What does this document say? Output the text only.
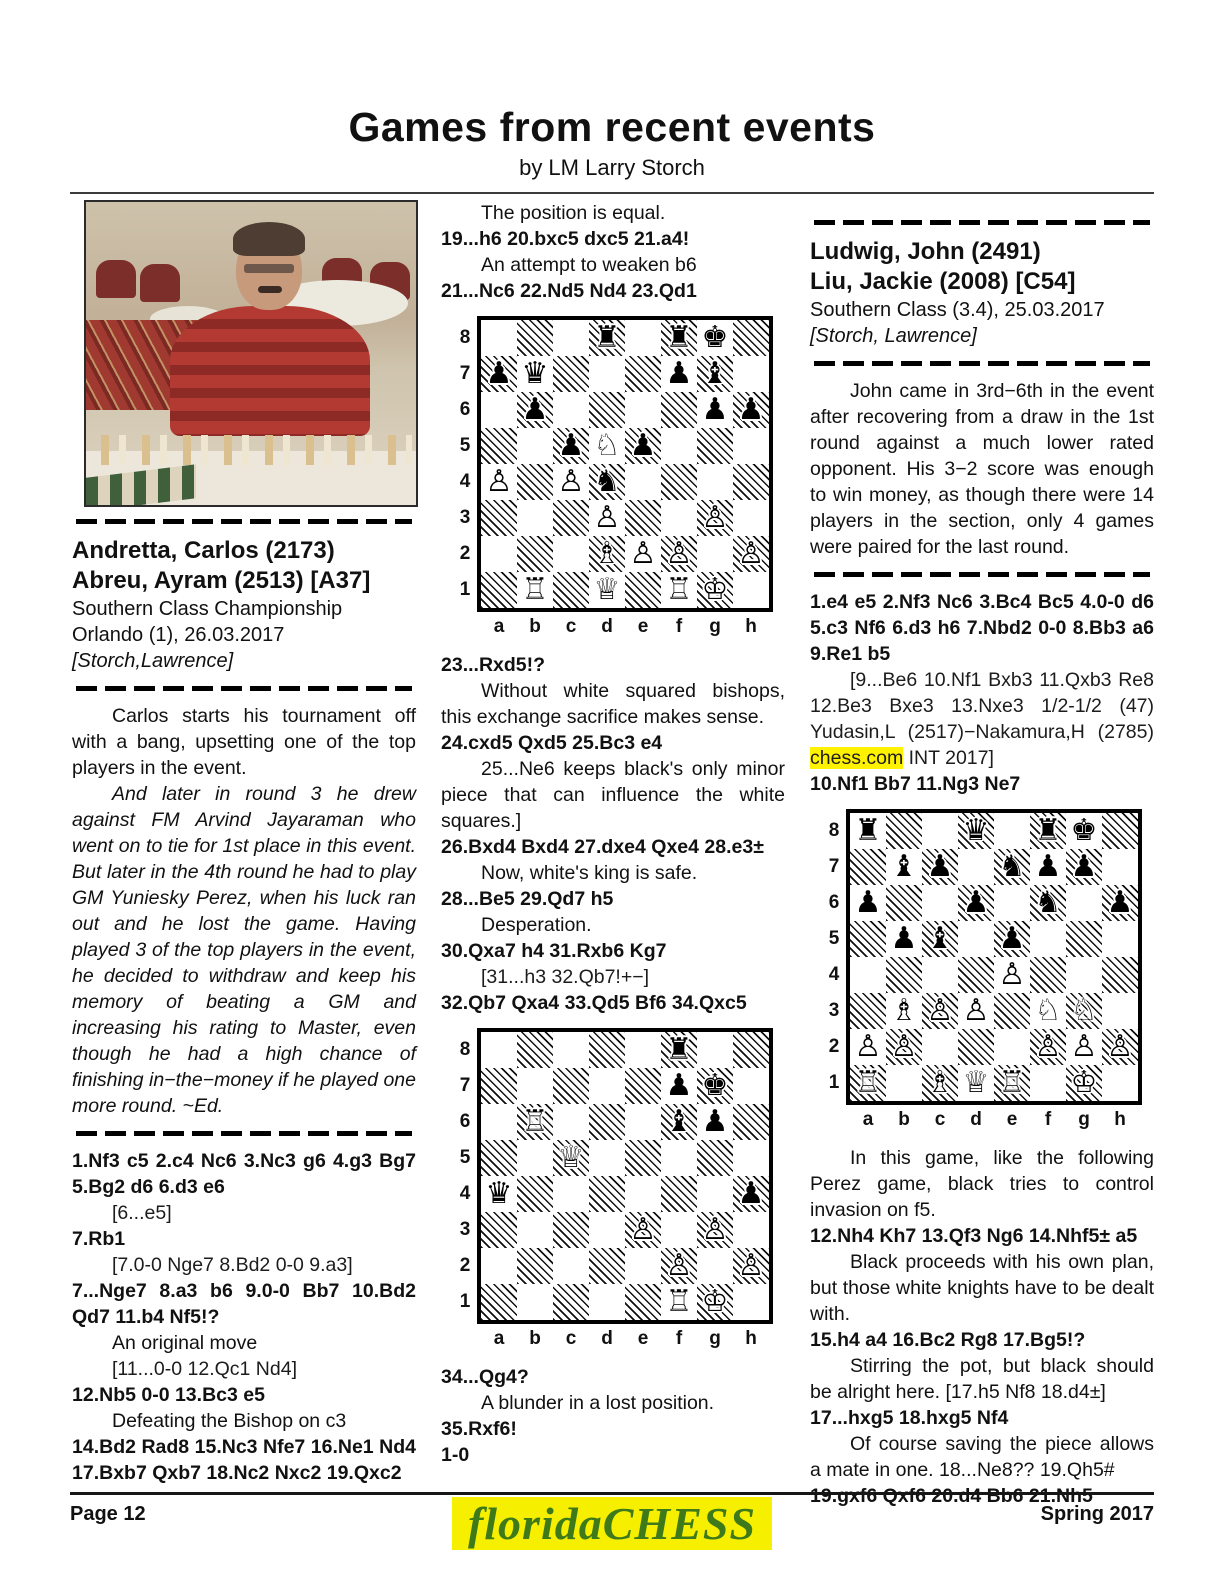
Games from recent events
by LM Larry Storch

Andretta, Carlos (2173)

Abreu, Ayram (2513) [A37]

Southern Class Championship

Orlando (1), 26.03.2017

[Storch,Lawrence]

Carlos starts his tournament off with a bang, upsetting one of the top players in the event.

And later in round 3 he drew against FM Arvind Jayaraman who went on to tie for 1st place in this event. But later in the 4th round he had to play GM Yuniesky Perez, when his luck ran out and he lost the game. Having played 3 of the top players in the event, he decided to withdraw and keep his memory of beating a GM and increasing his rating to Master, even though he had a high chance of finishing in−the−money if he played one more round. ~Ed.

1.Nf3 c5 2.c4 Nc6 3.Nc3 g6 4.g3 Bg7 5.Bg2 d6 6.d3 e6

[6...e5]

7.Rb1

[7.0-0 Nge7 8.Bd2 0-0 9.a3]

7...Nge7 8.a3 b6 9.0-0 Bb7 10.Bd2 Qd7 11.b4 Nf5!?

An original move

[11...0-0 12.Qc1 Nd4]

12.Nb5 0-0 13.Bc3 e5

Defeating the Bishop on c3

14.Bd2 Rad8 15.Nc3 Nfe7 16.Ne1 Nd4 17.Bxb7 Qxb7 18.Nc2 Nxc2 19.Qxc2

The position is equal.

19...h6 20.bxc5 dxc5 21.a4!

An attempt to weaken b6

21...Nc6 22.Nd5 Nd4 23.Qd1

8
7
6
5
4
3
2
1
♜ ♜ ♚
♟ ♛	♟ ♝
♟	♟ ♟
♟ ♘ ♟
♙ ♙ ♞
♙	♙
♗ ♙ ♙ ♙
♖ ♕ ♖ ♔
a	b	c	d	e	f	g	h

23...Rxd5!?

Without white squared bishops, this exchange sacrifice makes sense.

24.cxd5 Qxd5 25.Bc3 e4

25...Ne6 keeps black's only minor piece that can influence the white squares.]

26.Bxd4 Bxd4 27.dxe4 Qxe4 28.e3±

Now, white's king is safe.

28...Be5 29.Qd7 h5

Desperation.

30.Qxa7 h4 31.Rxb6 Kg7

[31...h3 32.Qb7!+−]

32.Qb7 Qxa4 33.Qd5 Bf6 34.Qxc5

8
7
6
5
4
3
2
1
♜
♟ ♚
♖	♝ ♟
♕
♛	♟
♙ ♙
♙ ♙
♖ ♔
a	b	c	d	e	f	g	h

34...Qg4?

A blunder in a lost position.

35.Rxf6!

1-0

Ludwig, John (2491)

Liu, Jackie (2008) [C54]

Southern Class (3.4), 25.03.2017

[Storch, Lawrence]

John came in 3rd−6th in the event after recovering from a draw in the 1st round against a much lower rated opponent. His 3−2 score was enough to win money, as though there were 14 players in the section, only 4 games were paired for the last round.

1.e4 e5 2.Nf3 Nc6 3.Bc4 Bc5 4.0-0 d6 5.c3 Nf6 6.d3 h6 7.Nbd2 0-0 8.Bb3 a6 9.Re1 b5

[9...Be6 10.Nf1 Bxb3 11.Qxb3 Re8 12.Be3 Bxe3 13.Nxe3 1/2-1/2 (47) Yudasin,L (2517)−Nakamura,H (2785) chess.com INT 2017]

10.Nf1 Bb7 11.Ng3 Ne7

8
7
6
5
4
3
2
1
♜	♛ ♜ ♚
♝ ♟ ♞ ♟ ♟
♟	♟ ♞ ♟
♟ ♝ ♟
♙
♗ ♙ ♙ ♘ ♘
♙ ♙	♙ ♙ ♙
♖ ♗ ♕ ♖ ♔
a	b	c	d	e	f	g	h

In this game, like the following Perez game, black tries to control invasion on f5.

12.Nh4 Kh7 13.Qf3 Ng6 14.Nhf5± a5

Black proceeds with his own plan, but those white knights have to be dealt with.

15.h4 a4 16.Bc2 Rg8 17.Bg5!?

Stirring the pot, but black should be alright here. [17.h5 Nf8 18.d4±]

17...hxg5 18.hxg5 Nf4

Of course saving the piece allows a mate in one. 18...Ne8?? 19.Qh5#

19.gxf6 Qxf6 20.d4 Bb6 21.Nh5

Page 12	floridaCHESS	Spring 2017
